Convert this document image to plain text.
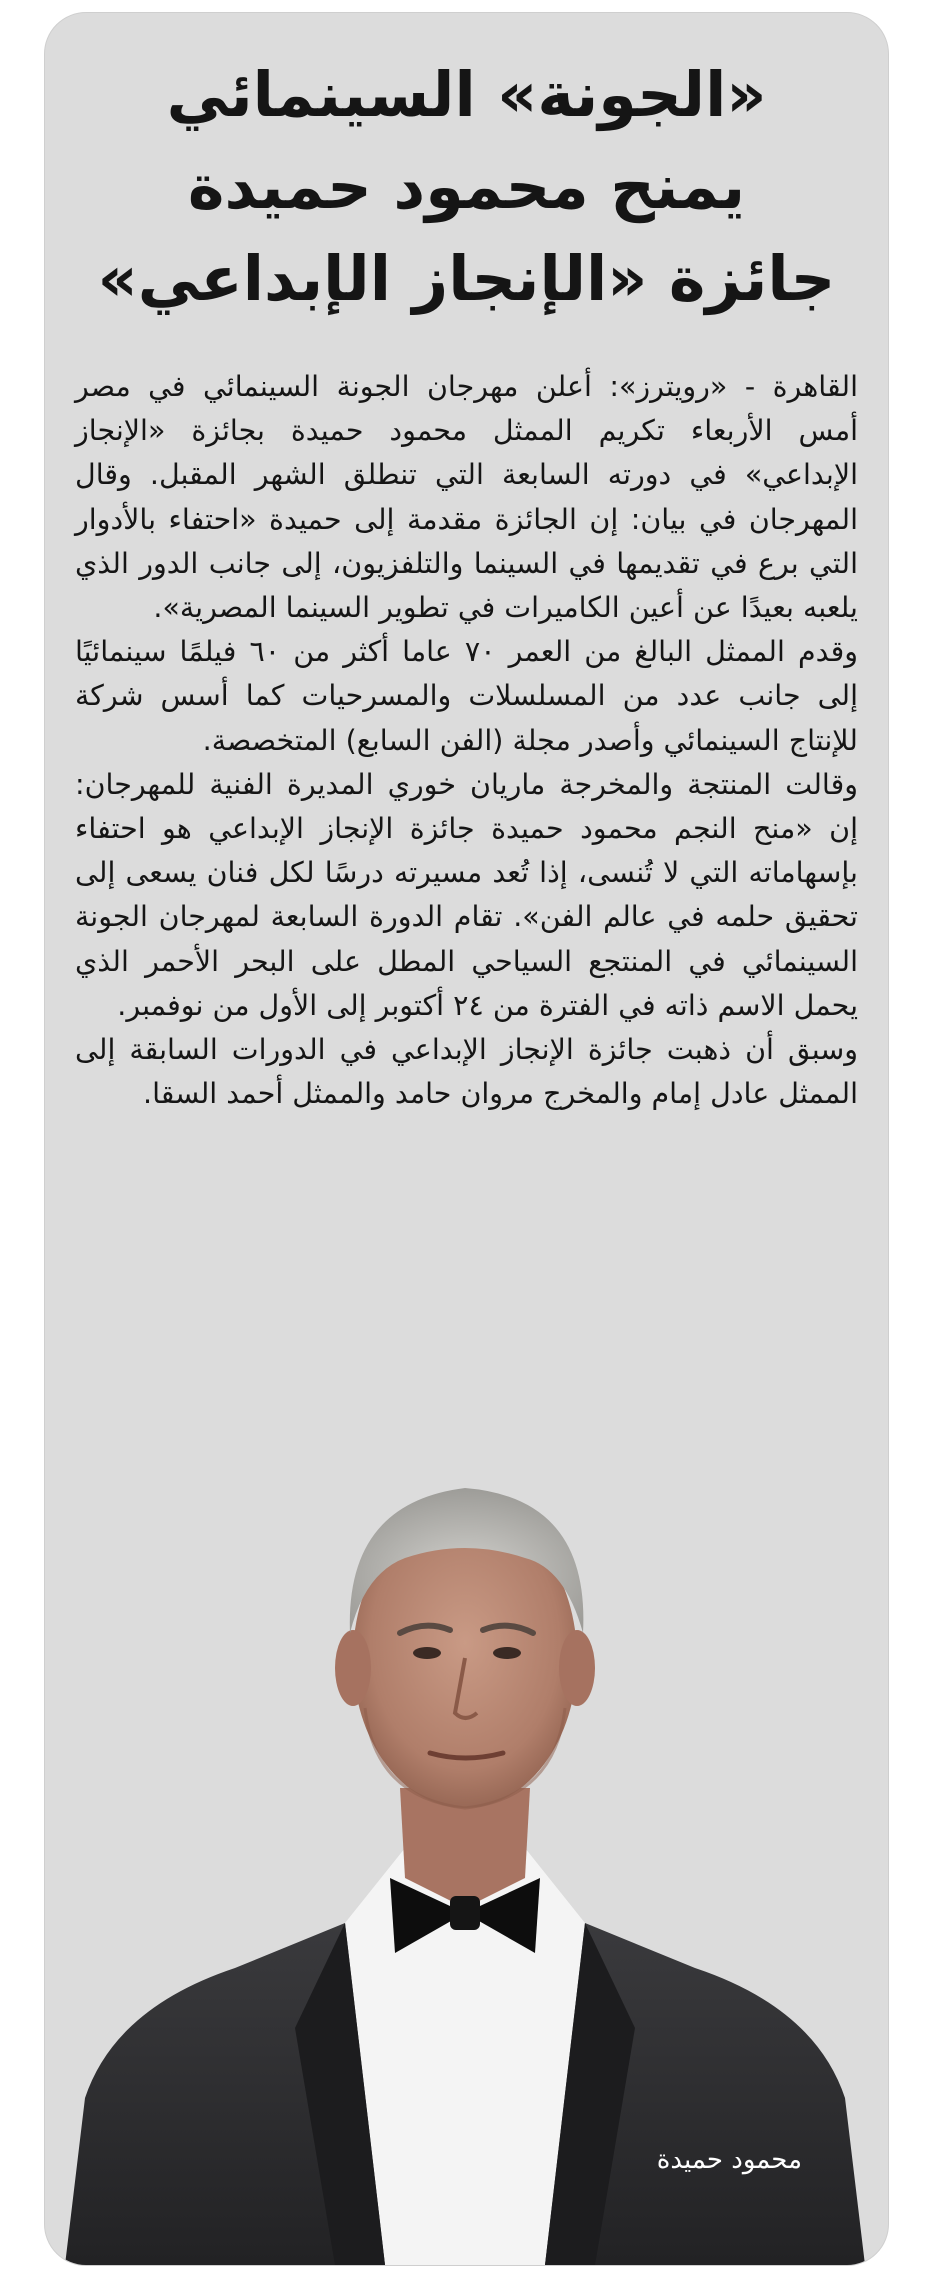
«الجونة» السينمائي
يمنح محمود حميدة
جائزة «الإنجاز الإبداعي»

القاهرة - «رويترز»: أعلن مهرجان الجونة السينمائي في مصر أمس الأربعاء تكريم الممثل محمود حميدة بجائزة «الإنجاز الإبداعي» في دورته السابعة التي تنطلق الشهر المقبل. وقال المهرجان في بيان: إن الجائزة مقدمة إلى حميدة «احتفاء بالأدوار التي برع في تقديمها في السينما والتلفزيون، إلى جانب الدور الذي يلعبه بعيدًا عن أعين الكاميرات في تطوير السينما المصرية».

وقدم الممثل البالغ من العمر ٧٠ عاما أكثر من ٦٠ فيلمًا سينمائيًا إلى جانب عدد من المسلسلات والمسرحيات كما أسس شركة للإنتاج السينمائي وأصدر مجلة (الفن السابع) المتخصصة.

وقالت المنتجة والمخرجة ماريان خوري المديرة الفنية للمهرجان: إن «منح النجم محمود حميدة جائزة الإنجاز الإبداعي هو احتفاء بإسهاماته التي لا تُنسى، إذا تُعد مسيرته درسًا لكل فنان يسعى إلى تحقيق حلمه في عالم الفن». تقام الدورة السابعة لمهرجان الجونة السينمائي في المنتجع السياحي المطل على البحر الأحمر الذي يحمل الاسم ذاته في الفترة من ٢٤ أكتوبر إلى الأول من نوفمبر.

وسبق أن ذهبت جائزة الإنجاز الإبداعي في الدورات السابقة إلى الممثل عادل إمام والمخرج مروان حامد والممثل أحمد السقا.

محمود حميدة
